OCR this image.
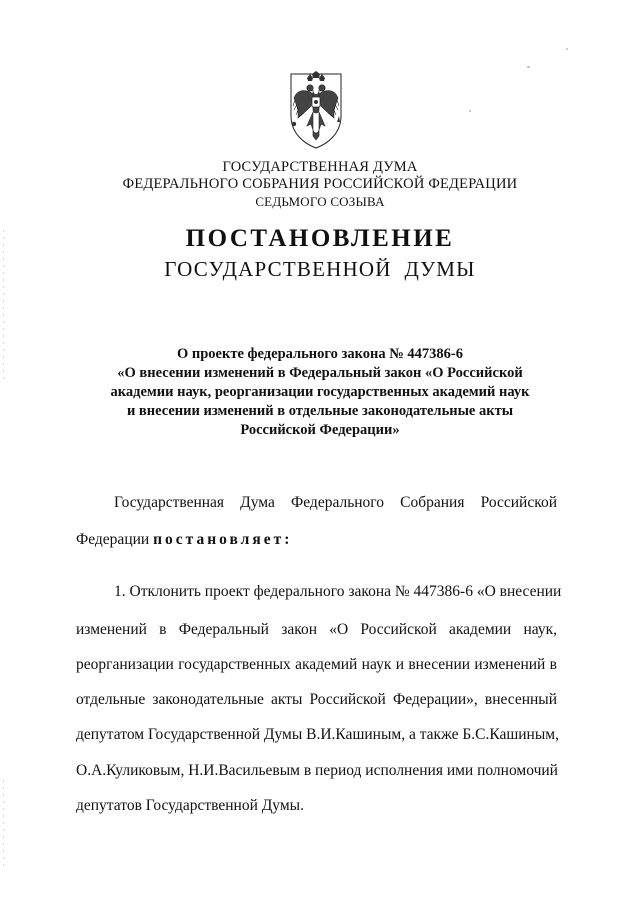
ГОСУДАРСТВЕННАЯ ДУМА
ФЕДЕРАЛЬНОГО СОБРАНИЯ РОССИЙСКОЙ ФЕДЕРАЦИИ
СЕДЬМОГО СОЗЫВА
ПОСТАНОВЛЕНИЕ
ГОСУДАРСТВЕННОЙ  ДУМЫ
О проекте федерального закона № 447386-6
«О внесении изменений в Федеральный закон «О Российской
академии наук, реорганизации государственных академий наук
и внесении изменений в отдельные законодательные акты
Российской Федерации»
Государственная Дума Федерального Собрания Российской
Федерации постановляет:
1. Отклонить проект федерального закона № 447386-6 «О внесении
изменений в Федеральный закон «О Российской академии наук,
реорганизации государственных академий наук и внесении изменений в
отдельные законодательные акты Российской Федерации», внесенный
депутатом Государственной Думы В.И.Кашиным, а также Б.С.Кашиным,
О.А.Куликовым, Н.И.Васильевым в период исполнения ими полномочий
депутатов Государственной Думы.
